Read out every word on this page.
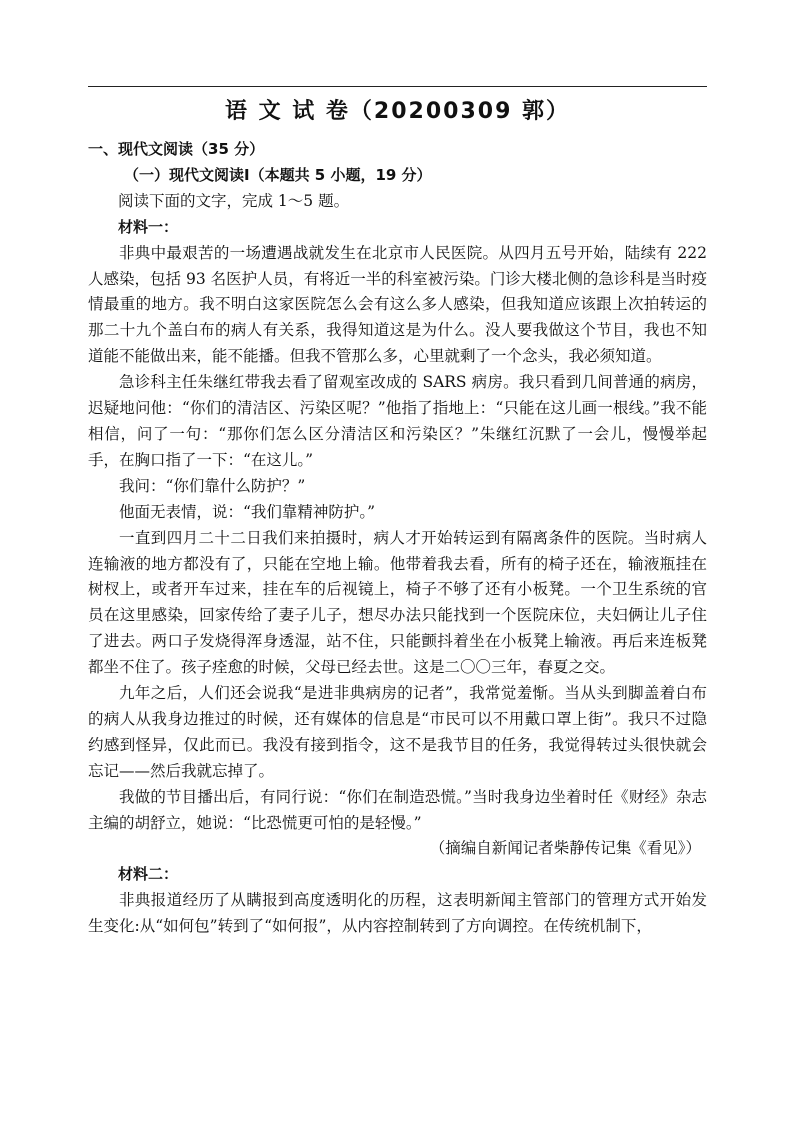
语 文 试 卷（20200309 郭）

一、现代文阅读（35 分）

（一）现代文阅读Ⅰ（本题共 5 小题，19 分）

阅读下面的文字，完成 1～5 题。

材料一：

非典中最艰苦的一场遭遇战就发生在北京市人民医院。从四月五号开始，陆续有 222 人感染，包括 93 名医护人员，有将近一半的科室被污染。门诊大楼北侧的急诊科是当时疫情最重的地方。我不明白这家医院怎么会有这么多人感染，但我知道应该跟上次拍转运的那二十九个盖白布的病人有关系，我得知道这是为什么。没人要我做这个节目，我也不知道能不能做出来，能不能播。但我不管那么多，心里就剩了一个念头，我必须知道。

急诊科主任朱继红带我去看了留观室改成的 SARS 病房。我只看到几间普通的病房，迟疑地问他：“你们的清洁区、污染区呢？”他指了指地上：“只能在这儿画一根线。”我不能相信，问了一句：“那你们怎么区分清洁区和污染区？”朱继红沉默了一会儿，慢慢举起手，在胸口指了一下：“在这儿。”

我问：“你们靠什么防护？”

他面无表情，说：“我们靠精神防护。”

一直到四月二十二日我们来拍摄时，病人才开始转运到有隔离条件的医院。当时病人连输液的地方都没有了，只能在空地上输。他带着我去看，所有的椅子还在，输液瓶挂在树杈上，或者开车过来，挂在车的后视镜上，椅子不够了还有小板凳。一个卫生系统的官员在这里感染，回家传给了妻子儿子，想尽办法只能找到一个医院床位，夫妇俩让儿子住了进去。两口子发烧得浑身透湿，站不住，只能颤抖着坐在小板凳上输液。再后来连板凳都坐不住了。孩子痊愈的时候，父母已经去世。这是二〇〇三年，春夏之交。

九年之后，人们还会说我“是进非典病房的记者”，我常觉羞惭。当从头到脚盖着白布的病人从我身边推过的时候，还有媒体的信息是“市民可以不用戴口罩上街”。我只不过隐约感到怪异，仅此而已。我没有接到指令，这不是我节目的任务，我觉得转过头很快就会忘记——然后我就忘掉了。

我做的节目播出后，有同行说：“你们在制造恐慌。”当时我身边坐着时任《财经》杂志主编的胡舒立，她说：“比恐慌更可怕的是轻慢。”

（摘编自新闻记者柴静传记集《看见》）

材料二：

非典报道经历了从瞒报到高度透明化的历程，这表明新闻主管部门的管理方式开始发生变化:从“如何包”转到了“如何报”，从内容控制转到了方向调控。在传统机制下，
